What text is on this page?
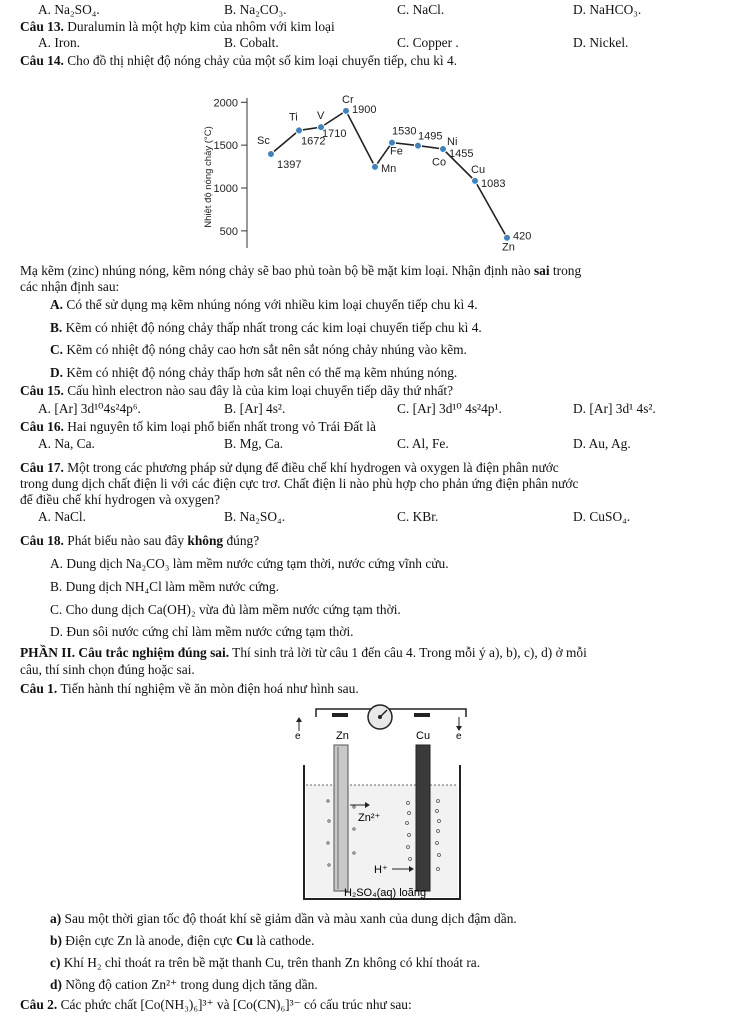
A. Na₂SO₄.	B. Na₂CO₃.	C. NaCl.	D. NaHCO₃.
Câu 13. Duralumin là một hợp kim của nhôm với kim loại
A. Iron.	B. Cobalt.	C. Copper .	D. Nickel.
Câu 14. Cho đồ thị nhiệt độ nóng chảy của một số kim loại chuyển tiếp, chu kì 4.
500
1000
1500
2000
Nhiệt độ nóng chảy (°C)	Sc
1397
Ti
1672
V
1710
Cr
1900
Mn
Fe
1530
Co
1495 Ni
1455
Cu
1083
Zn
420
Mạ kẽm (zinc) nhúng nóng, kẽm nóng chảy sẽ bao phủ toàn bộ bề mặt kim loại. Nhận định nào sai trong
các nhận định sau:
A. Có thể sử dụng mạ kẽm nhúng nóng với nhiều kim loại chuyển tiếp chu kì 4.
B. Kẽm có nhiệt độ nóng chảy thấp nhất trong các kim loại chuyển tiếp chu kì 4.
C. Kẽm có nhiệt độ nóng chảy cao hơn sắt nên sắt nóng chảy nhúng vào kẽm.
D. Kẽm có nhiệt độ nóng chảy thấp hơn sắt nên có thể mạ kẽm nhúng nóng.
Câu 15. Cấu hình electron nào sau đây là của kim loại chuyển tiếp dãy thứ nhất?
A. [Ar] 3d¹⁰4s²4p⁶.	B. [Ar] 4s².	C. [Ar] 3d¹⁰ 4s²4p¹.	D. [Ar] 3d¹ 4s².
Câu 16. Hai nguyên tố kim loại phổ biến nhất trong vỏ Trái Đất là
A. Na, Ca.	B. Mg, Ca.	C. Al, Fe.	D. Au, Ag.
Câu 17. Một trong các phương pháp sử dụng để điều chế khí hydrogen và oxygen là điện phân nước
trong dung dịch chất điện li với các điện cực trơ. Chất điện li nào phù hợp cho phản ứng điện phân nước
để điều chế khí hydrogen và oxygen?
A. NaCl.	B. Na₂SO₄.	C. KBr.	D. CuSO₄.
Câu 18. Phát biểu nào sau đây không đúng?
A. Dung dịch Na₂CO₃ làm mềm nước cứng tạm thời, nước cứng vĩnh cửu.
B. Dung dịch NH₄Cl làm mềm nước cứng.
C. Cho dung dịch Ca(OH)₂ vừa đủ làm mềm nước cứng tạm thời.
D. Đun sôi nước cứng chỉ làm mềm nước cứng tạm thời.
PHẦN II. Câu trắc nghiệm đúng sai. Thí sinh trả lời từ câu 1 đến câu 4. Trong mỗi ý a), b), c), d) ở mỗi
câu, thí sinh chọn đúng hoặc sai.
Câu 1. Tiến hành thí nghiệm về ăn mòn điện hoá như hình sau.
e	e
Zn	Cu
Zn²⁺
H⁺
H₂SO₄(aq) loãng
a) Sau một thời gian tốc độ thoát khí sẽ giảm dần và màu xanh của dung dịch đậm dần.
b) Điện cực Zn là anode, điện cực Cu là cathode.
c) Khí H₂ chỉ thoát ra trên bề mặt thanh Cu, trên thanh Zn không có khí thoát ra.
d) Nồng độ cation Zn²⁺ trong dung dịch tăng dần.
Câu 2. Các phức chất [Co(NH₃)₆]³⁺ và [Co(CN)₆]³⁻ có cấu trúc như sau:
